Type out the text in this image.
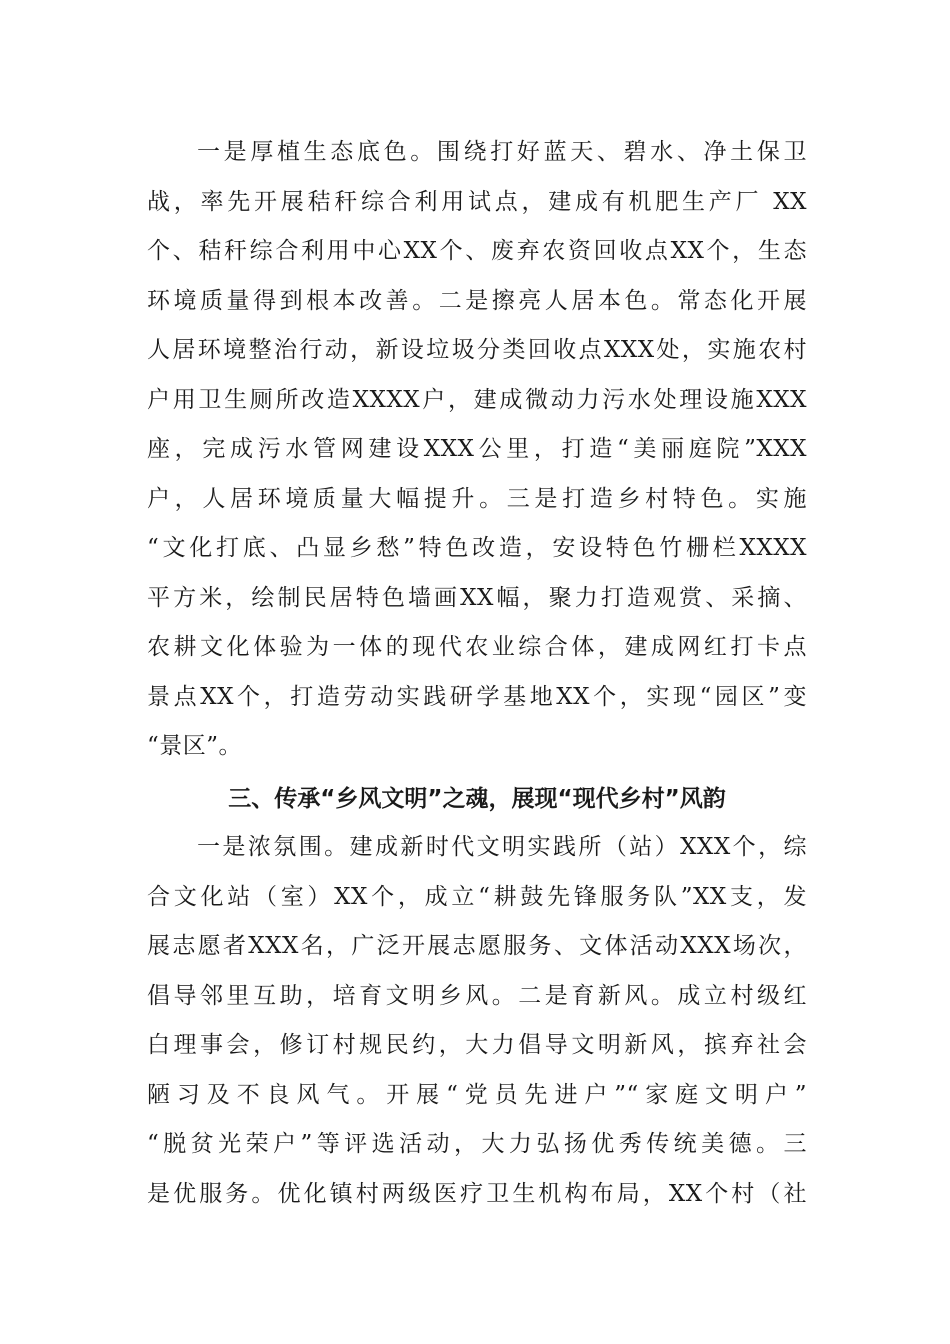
一是厚植生态底色。围绕打好蓝天、碧水、净土保卫
战，率先开展秸秆综合利用试点，建成有机肥生产厂 XX
个、秸秆综合利用中心XX个、废弃农资回收点XX个，生态
环境质量得到根本改善。二是擦亮人居本色。常态化开展
人居环境整治行动，新设垃圾分类回收点XXX处，实施农村
户用卫生厕所改造XXXX户，建成微动力污水处理设施XXX
座，完成污水管网建设XXX公里，打造“美丽庭院”XXX
户，人居环境质量大幅提升。三是打造乡村特色。实施
“文化打底、凸显乡愁”特色改造，安设特色竹栅栏XXXX
平方米，绘制民居特色墙画XX幅，聚力打造观赏、采摘、
农耕文化体验为一体的现代农业综合体，建成网红打卡点
景点XX个，打造劳动实践研学基地XX个，实现“园区”变
“景区”。
三、传承“乡风文明”之魂，展现“现代乡村”风韵
一是浓氛围。建成新时代文明实践所（站）XXX个，综
合文化站（室）XX个，成立“耕鼓先锋服务队”XX支，发
展志愿者XXX名，广泛开展志愿服务、文体活动XXX场次，
倡导邻里互助，培育文明乡风。二是育新风。成立村级红
白理事会，修订村规民约，大力倡导文明新风，摈弃社会
陋习及不良风气。开展“党员先进户”“家庭文明户”
“脱贫光荣户”等评选活动，大力弘扬优秀传统美德。三
是优服务。优化镇村两级医疗卫生机构布局，XX个村（社
